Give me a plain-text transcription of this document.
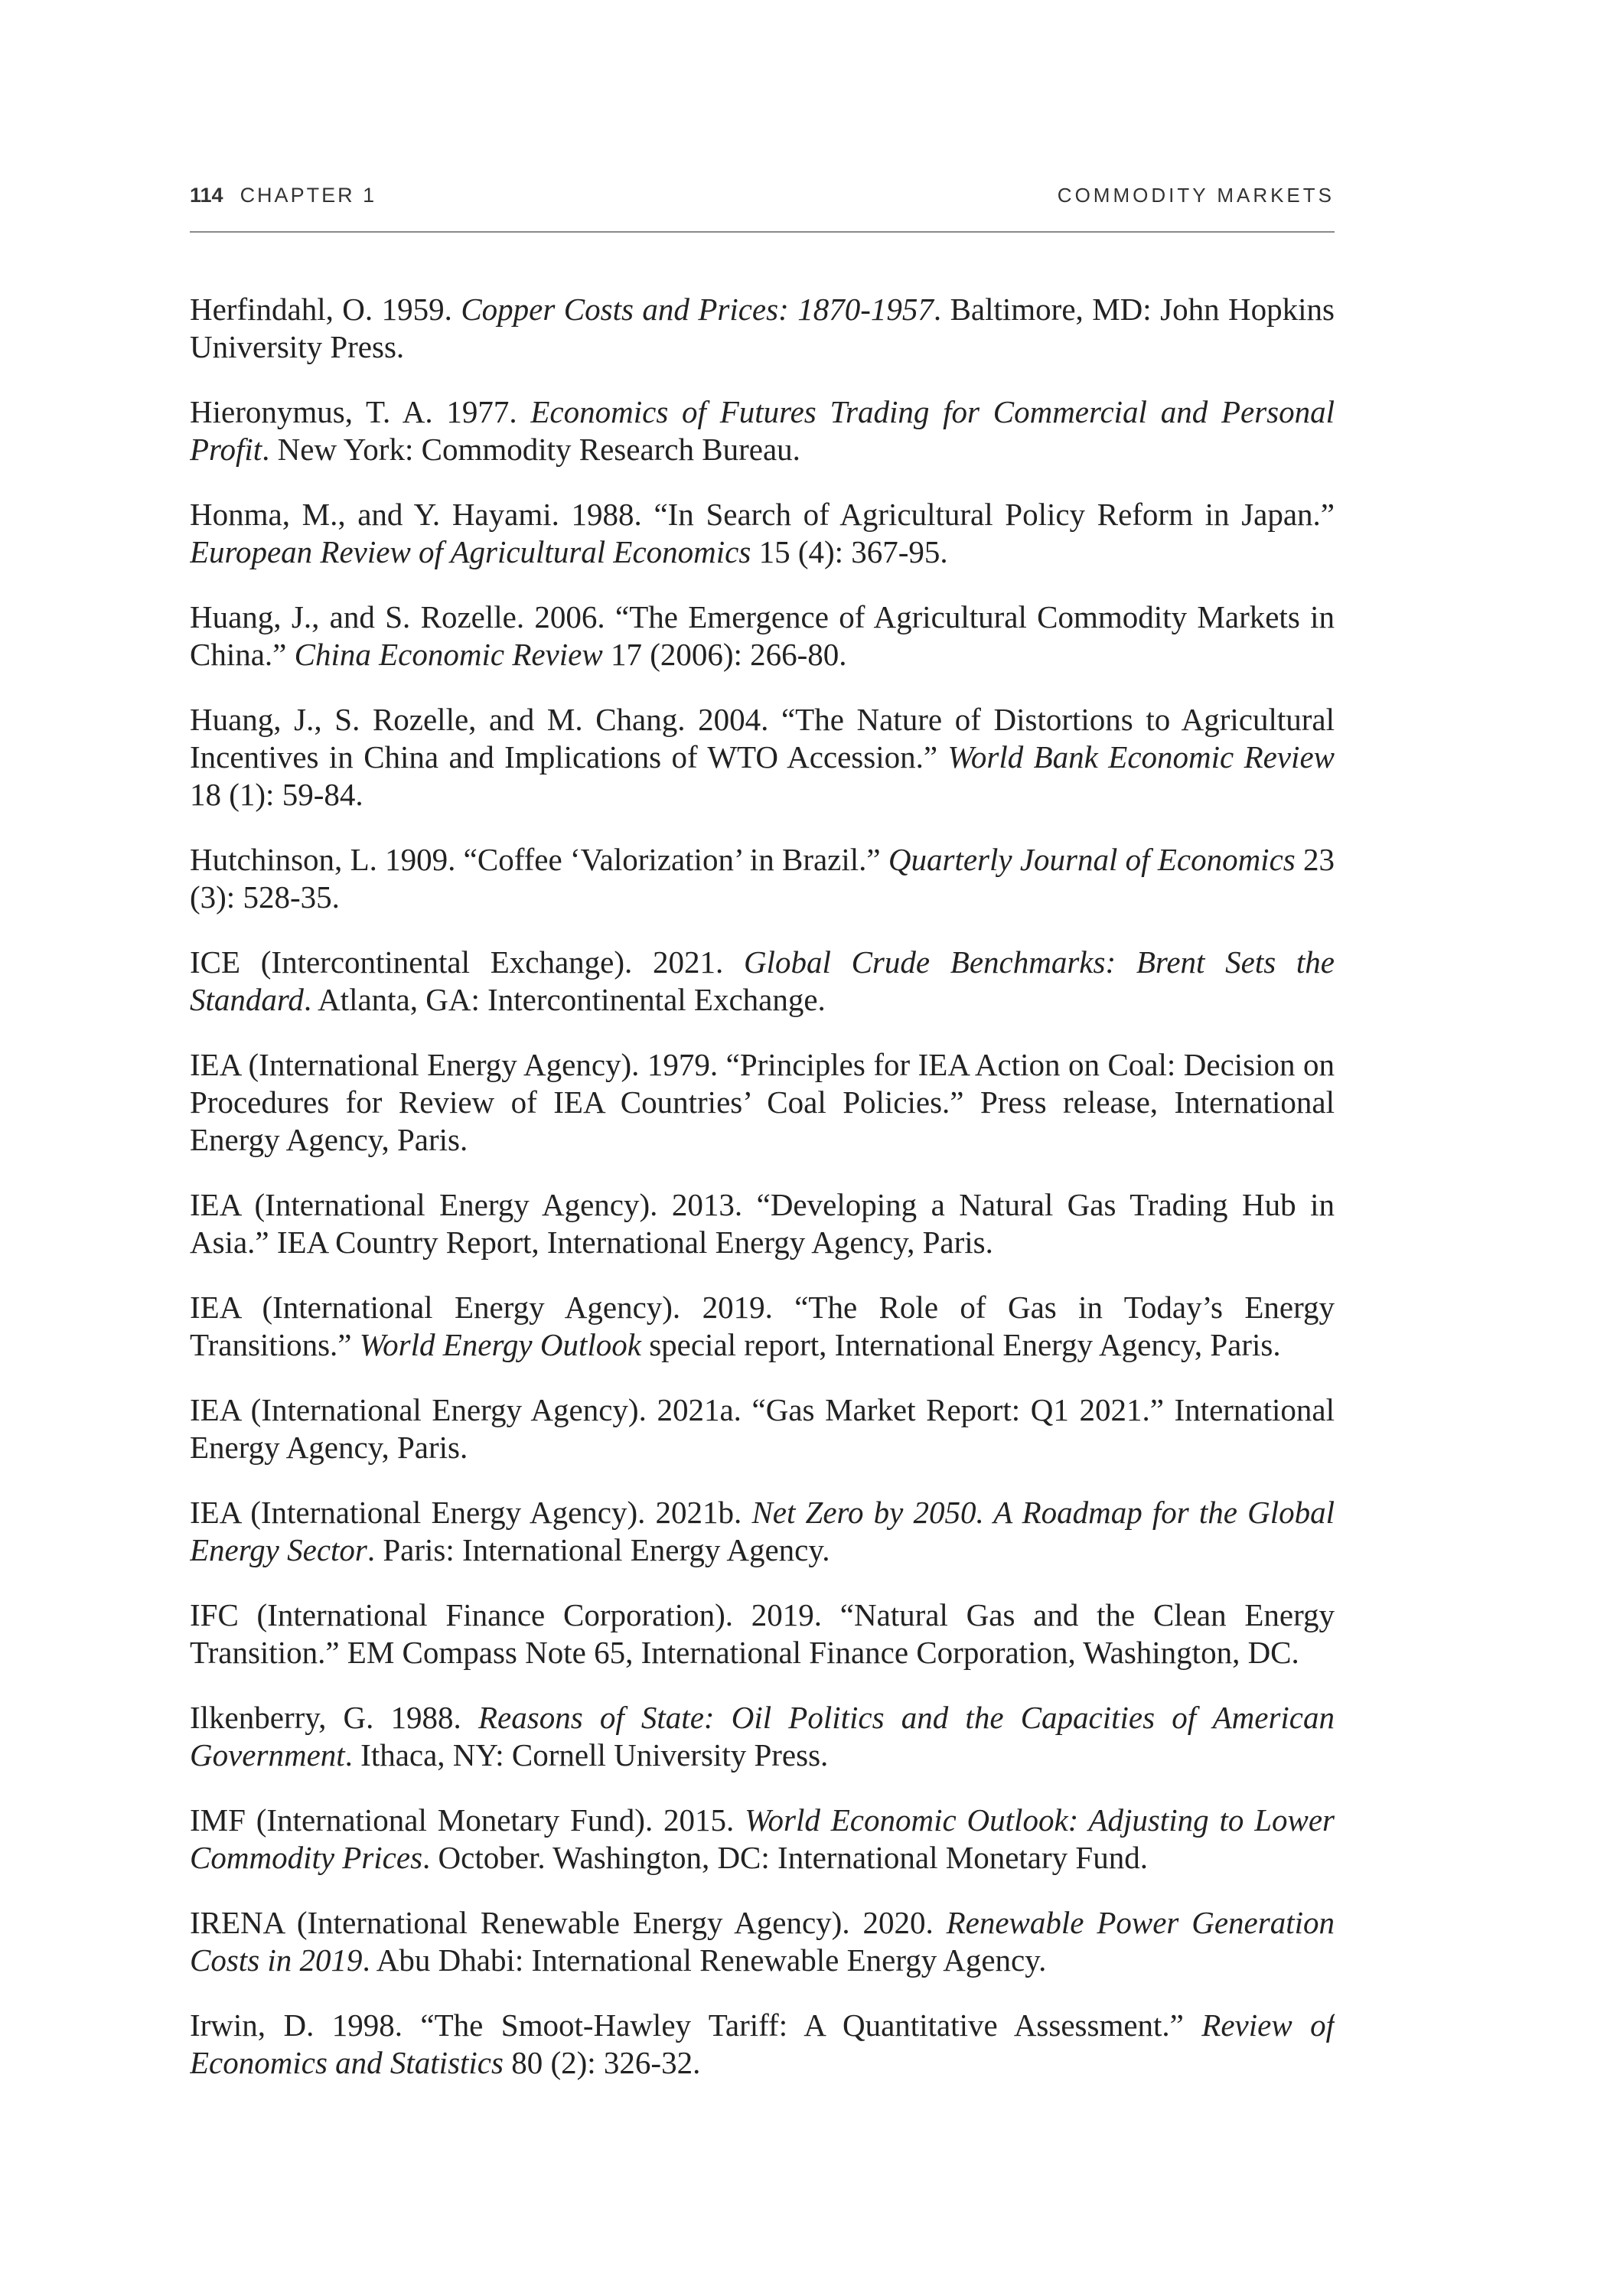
114 CHAPTER 1	COMMODITY MARKETS

Herfindahl, O. 1959. Copper Costs and Prices: 1870-1957. Baltimore, MD: John Hopkins University Press.

Hieronymus, T. A. 1977. Economics of Futures Trading for Commercial and Personal Profit. New York: Commodity Research Bureau.

Honma, M., and Y. Hayami. 1988. “In Search of Agricultural Policy Reform in Japan.” European Review of Agricultural Economics 15 (4): 367-95.

Huang, J., and S. Rozelle. 2006. “The Emergence of Agricultural Commodity Markets in China.” China Economic Review 17 (2006): 266-80.

Huang, J., S. Rozelle, and M. Chang. 2004. “The Nature of Distortions to Agricultural Incentives in China and Implications of WTO Accession.” World Bank Economic Review 18 (1): 59-84.

Hutchinson, L. 1909. “Coffee ‘Valorization’ in Brazil.” Quarterly Journal of Economics 23 (3): 528-35.

ICE (Intercontinental Exchange). 2021. Global Crude Benchmarks: Brent Sets the Standard. Atlanta, GA: Intercontinental Exchange.

IEA (International Energy Agency). 1979. “Principles for IEA Action on Coal: Decision on Procedures for Review of IEA Countries’ Coal Policies.” Press release, International Energy Agency, Paris.

IEA (International Energy Agency). 2013. “Developing a Natural Gas Trading Hub in Asia.” IEA Country Report, International Energy Agency, Paris.

IEA (International Energy Agency). 2019. “The Role of Gas in Today’s Energy Transitions.” World Energy Outlook special report, International Energy Agency, Paris.

IEA (International Energy Agency). 2021a. “Gas Market Report: Q1 2021.” International Energy Agency, Paris.

IEA (International Energy Agency). 2021b. Net Zero by 2050. A Roadmap for the Global Energy Sector. Paris: International Energy Agency.

IFC (International Finance Corporation). 2019. “Natural Gas and the Clean Energy Transition.” EM Compass Note 65, International Finance Corporation, Washington, DC.

Ilkenberry, G. 1988. Reasons of State: Oil Politics and the Capacities of American Government. Ithaca, NY: Cornell University Press.

IMF (International Monetary Fund). 2015. World Economic Outlook: Adjusting to Lower Commodity Prices. October. Washington, DC: International Monetary Fund.

IRENA (International Renewable Energy Agency). 2020. Renewable Power Generation Costs in 2019. Abu Dhabi: International Renewable Energy Agency.

Irwin, D. 1998. “The Smoot-Hawley Tariff: A Quantitative Assessment.” Review of Economics and Statistics 80 (2): 326-32.
